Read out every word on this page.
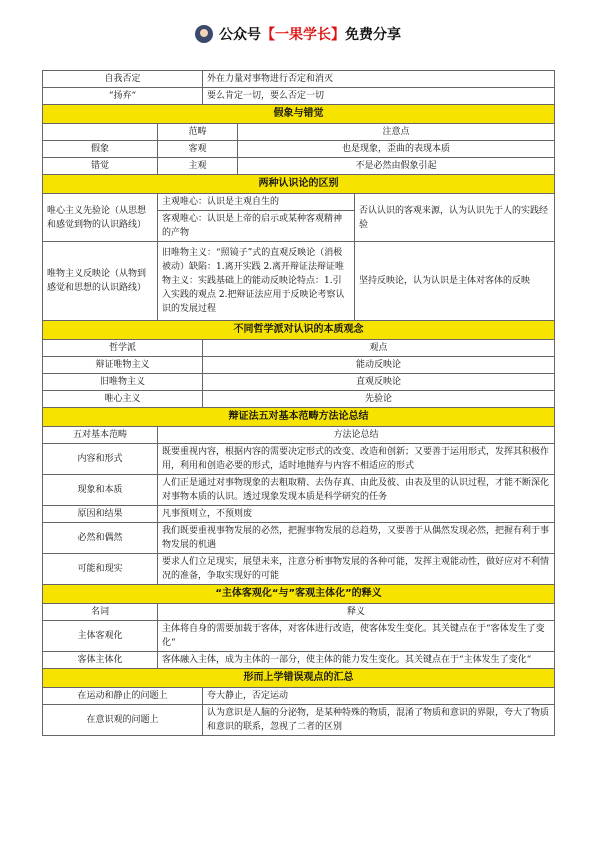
公众号 【一果学长】 免费分享
自我否定		外在力量对事物进行否定和消灭		
“扬弃“		要么肯定一切，要么否定一切		
假象与错觉				
	范畴		注意点	
假象	客观		也是现象，歪曲的表现本质	
错觉	主观		不是必然由假象引起	
两种认识论的区别				
唯心主义先验论（从思想和感觉到物的认识路线）	主观唯心：认识是主观自生的			否认认识的客观来源，认为认识先于人的实践经验
	客观唯心：认识是上帝的启示或某种客观精神的产物			
唯物主义反映论（从物到感觉和思想的认识路线）	旧唯物主义：“照镜子”式的直观反映论（消极被动）缺陷：1.离开实践 2.离开辩证法辩证唯物主义：实践基础上的能动反映论特点：1.引入实践的观点 2.把辩证法应用于反映论考察认识的发展过程			坚持反映论，认为认识是主体对客体的反映
不同哲学派对认识的本质观念				
哲学派		观点		
辩证唯物主义		能动反映论		
旧唯物主义		直观反映论		
唯心主义		先验论		
辩证法五对基本范畴方法论总结				
五对基本范畴	方法论总结			
内容和形式	既要重视内容，根据内容的需要决定形式的改变、改造和创新；又要善于运用形式，发挥其积极作用，利用和创造必要的形式，适时地抛弃与内容不相适应的形式			
现象和本质	人们正是通过对事物现象的去粗取精、去伪存真、由此及彼、由表及里的认识过程，才能不断深化对事物本质的认识。透过现象发现本质是科学研究的任务			
原因和结果	凡事预则立，不预则废			
必然和偶然	我们既要重视事物发展的必然，把握事物发展的总趋势，又要善于从偶然发现必然，把握有利于事物发展的机遇			
可能和现实	要求人们立足现实，展望未来，注意分析事物发展的各种可能，发挥主观能动性，做好应对不利情况的准备，争取实现好的可能			
“主体客观化“与”客观主体化”的释义				
名词	释义			
主体客观化	主体将自身的需要加载于客体，对客体进行改造，使客体发生变化。其关键点在于“客体发生了变化“			
客体主体化	客体融入主体，成为主体的一部分，使主体的能力发生变化。其关键点在于“主体发生了变化“			
形而上学错误观点的汇总				
在运动和静止的问题上		夸大静止，否定运动		
在意识观的问题上		认为意识是人脑的分泌物，是某种特殊的物质，混淆了物质和意识的界限，夸大了物质和意识的联系，忽视了二者的区别		
